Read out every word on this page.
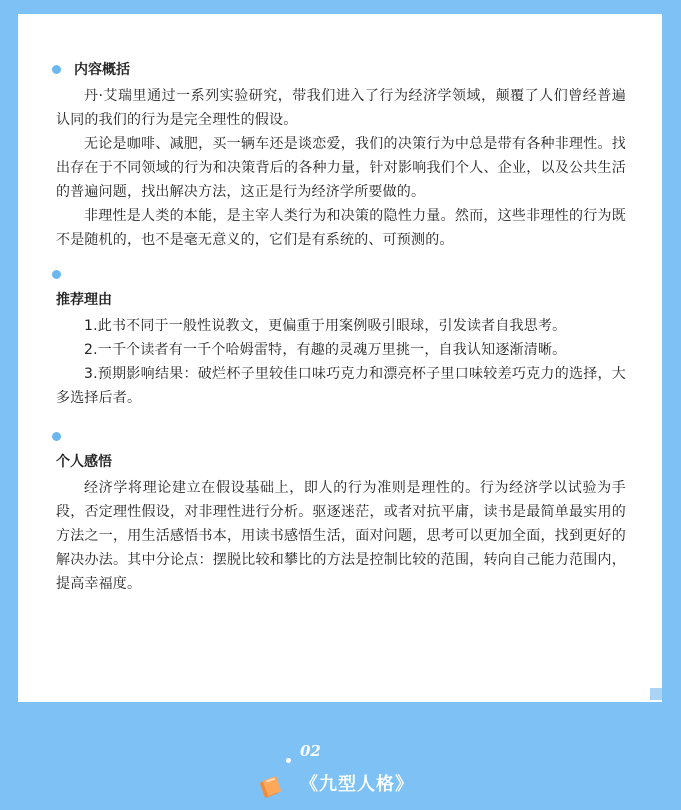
内容概括

丹·艾瑞里通过一系列实验研究，带我们进入了行为经济学领域，颠覆了人们曾经普遍认同的我们的行为是完全理性的假设。

无论是咖啡、减肥，买一辆车还是谈恋爱，我们的决策行为中总是带有各种非理性。找出存在于不同领域的行为和决策背后的各种力量，针对影响我们个人、企业，以及公共生活的普遍问题，找出解决方法，这正是行为经济学所要做的。

非理性是人类的本能，是主宰人类行为和决策的隐性力量。然而，这些非理性的行为既不是随机的，也不是毫无意义的，它们是有系统的、可预测的。

推荐理由

1.此书不同于一般性说教文，更偏重于用案例吸引眼球，引发读者自我思考。

2.一千个读者有一千个哈姆雷特，有趣的灵魂万里挑一，自我认知逐渐清晰。

3.预期影响结果：破烂杯子里较佳口味巧克力和漂亮杯子里口味较差巧克力的选择，大多选择后者。

个人感悟

经济学将理论建立在假设基础上，即人的行为准则是理性的。行为经济学以试验为手段，否定理性假设，对非理性进行分析。驱逐迷茫，或者对抗平庸，读书是最简单最实用的方法之一，用生活感悟书本，用读书感悟生活，面对问题，思考可以更加全面，找到更好的解决办法。其中分论点：摆脱比较和攀比的方法是控制比较的范围，转向自己能力范围内，提高幸福度。

02
《九型人格》
